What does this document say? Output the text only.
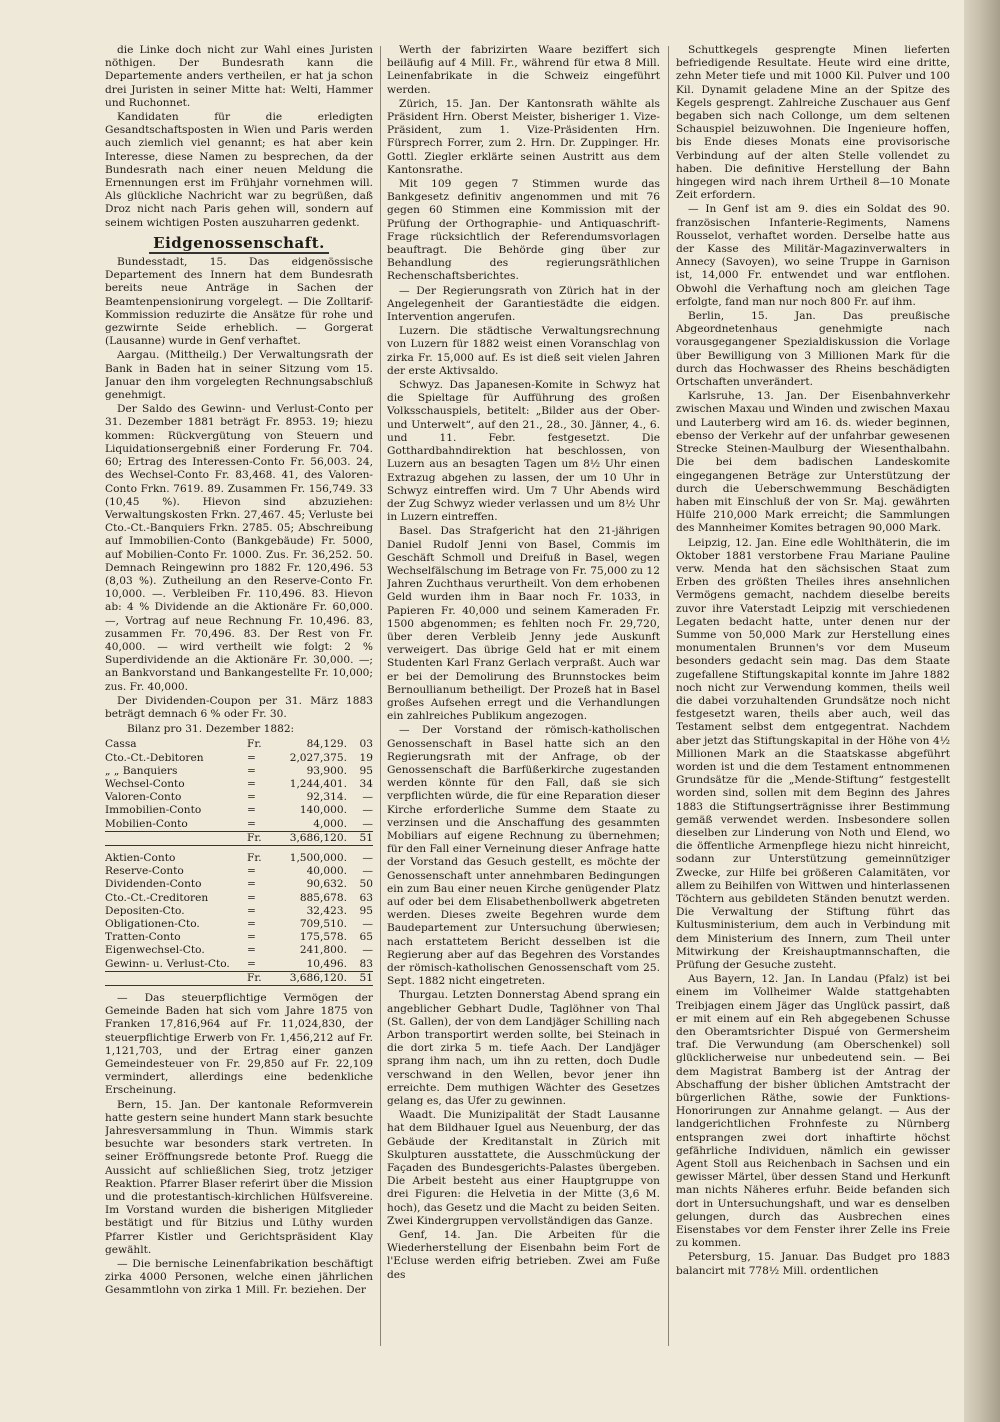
die Linke doch nicht zur Wahl eines Juristen nöthigen. Der Bundesrath kann die Departemente anders vertheilen, er hat ja schon drei Juristen in seiner Mitte hat: Welti, Hammer und Ruchonnet.

Kandidaten für die erledigten Gesandtschaftsposten in Wien und Paris werden auch ziemlich viel genannt; es hat aber kein Interesse, diese Namen zu besprechen, da der Bundesrath nach einer neuen Meldung die Ernennungen erst im Frühjahr vornehmen will. Als glückliche Nachricht war zu begrüßen, daß Droz nicht nach Paris gehen will, sondern auf seinem wichtigen Posten auszuharren gedenkt.

Eidgenossenschaft.

Bundesstadt, 15. Das eidgenössische Departement des Innern hat dem Bundesrath bereits neue Anträge in Sachen der Beamtenpensionirung vorgelegt. — Die Zolltarif-Kommission reduzirte die Ansätze für rohe und gezwirnte Seide erheblich. — Gorgerat (Lausanne) wurde in Genf verhaftet.

Aargau. (Mittheilg.) Der Verwaltungsrath der Bank in Baden hat in seiner Sitzung vom 15. Januar den ihm vorgelegten Rechnungsabschluß genehmigt.

Der Saldo des Gewinn- und Verlust-Conto per 31. Dezember 1881 beträgt Fr. 8953. 19; hiezu kommen: Rückvergütung von Steuern und Liquidationsergebniß einer Forderung Fr. 704. 60; Ertrag des Interessen-Conto Fr. 56,003. 24, des Wechsel-Conto Fr. 83,468. 41, des Valoren-Conto Frkn. 7619. 89. Zusammen Fr. 156,749. 33 (10,45 %). Hievon sind abzuziehen: Verwaltungskosten Frkn. 27,467. 45; Verluste bei Cto.-Ct.-Banquiers Frkn. 2785. 05; Abschreibung auf Immobilien-Conto (Bankgebäude) Fr. 5000, auf Mobilien-Conto Fr. 1000. Zus. Fr. 36,252. 50. Demnach Reingewinn pro 1882 Fr. 120,496. 53 (8,03 %). Zutheilung an den Reserve-Conto Fr. 10,000. —. Verbleiben Fr. 110,496. 83. Hievon ab: 4 % Dividende an die Aktionäre Fr. 60,000. —, Vortrag auf neue Rechnung Fr. 10,496. 83, zusammen Fr. 70,496. 83. Der Rest von Fr. 40,000. — wird vertheilt wie folgt: 2 % Superdividende an die Aktionäre Fr. 30,000. —; an Bankvorstand und Bankangestellte Fr. 10,000; zus. Fr. 40,000.

Der Dividenden-Coupon per 31. März 1883 beträgt demnach 6 % oder Fr. 30.

Bilanz pro 31. Dezember 1882:
Cassa	Fr.	84,129.	03
Cto.-Ct.-Debitoren	=	2,027,375.	19
„ „ Banquiers	=	93,900.	95
Wechsel-Conto	=	1,244,401.	34
Valoren-Conto	=	92,314.	—
Immobilien-Conto	=	140,000.	—
Mobilien-Conto	=	4,000.	—
	Fr.	3,686,120.	51

Aktien-Conto	Fr.	1,500,000.	—
Reserve-Conto	=	40,000.	—
Dividenden-Conto	=	90,632.	50
Cto.-Ct.-Creditoren	=	885,678.	63
Depositen-Cto.	=	32,423.	95
Obligationen-Cto.	=	709,510.	—
Tratten-Conto	=	175,578.	65
Eigenwechsel-Cto.	=	241,800.	—
Gewinn- u. Verlust-Cto.	=	10,496.	83
	Fr.	3,686,120.	51

— Das steuerpflichtige Vermögen der Gemeinde Baden hat sich vom Jahre 1875 von Franken 17,816,964 auf Fr. 11,024,830, der steuerpflichtige Erwerb von Fr. 1,456,212 auf Fr. 1,121,703, und der Ertrag einer ganzen Gemeindesteuer von Fr. 29,850 auf Fr. 22,109 vermindert, allerdings eine bedenkliche Erscheinung.

Bern, 15. Jan. Der kantonale Reformverein hatte gestern seine hundert Mann stark besuchte Jahresversammlung in Thun. Wimmis stark besuchte war besonders stark vertreten. In seiner Eröffnungsrede betonte Prof. Ruegg die Aussicht auf schließlichen Sieg, trotz jetziger Reaktion. Pfarrer Blaser referirt über die Mission und die protestantisch-kirchlichen Hülfsvereine. Im Vorstand wurden die bisherigen Mitglieder bestätigt und für Bitzius und Lüthy wurden Pfarrer Kistler und Gerichtspräsident Klay gewählt.

— Die bernische Leinenfabrikation beschäftigt zirka 4000 Personen, welche einen jährlichen Gesammtlohn von zirka 1 Mill. Fr. beziehen. Der

Werth der fabrizirten Waare beziffert sich beiläufig auf 4 Mill. Fr., während für etwa 8 Mill. Leinenfabrikate in die Schweiz eingeführt werden.

Zürich, 15. Jan. Der Kantonsrath wählte als Präsident Hrn. Oberst Meister, bisheriger 1. Vize-Präsident, zum 1. Vize-Präsidenten Hrn. Fürsprech Forrer, zum 2. Hrn. Dr. Zuppinger. Hr. Gottl. Ziegler erklärte seinen Austritt aus dem Kantonsrathe.

Mit 109 gegen 7 Stimmen wurde das Bankgesetz definitiv angenommen und mit 76 gegen 60 Stimmen eine Kommission mit der Prüfung der Orthographie- und Antiquaschrift-Frage rücksichtlich der Referendumsvorlagen beauftragt. Die Behörde ging über zur Behandlung des regierungsräthlichen Rechenschaftsberichtes.

— Der Regierungsrath von Zürich hat in der Angelegenheit der Garantiestädte die eidgen. Intervention angerufen.

Luzern. Die städtische Verwaltungsrechnung von Luzern für 1882 weist einen Voranschlag von zirka Fr. 15,000 auf. Es ist dieß seit vielen Jahren der erste Aktivsaldo.

Schwyz. Das Japanesen-Komite in Schwyz hat die Spieltage für Aufführung des großen Volksschauspiels, betitelt: „Bilder aus der Ober- und Unterwelt“, auf den 21., 28., 30. Jänner, 4., 6. und 11. Febr. festgesetzt. Die Gotthardbahndirektion hat beschlossen, von Luzern aus an besagten Tagen um 8½ Uhr einen Extrazug abgehen zu lassen, der um 10 Uhr in Schwyz eintreffen wird. Um 7 Uhr Abends wird der Zug Schwyz wieder verlassen und um 8½ Uhr in Luzern eintreffen.

Basel. Das Strafgericht hat den 21-jährigen Daniel Rudolf Jenni von Basel, Commis im Geschäft Schmoll und Dreifuß in Basel, wegen Wechselfälschung im Betrage von Fr. 75,000 zu 12 Jahren Zuchthaus verurtheilt. Von dem erhobenen Geld wurden ihm in Baar noch Fr. 1033, in Papieren Fr. 40,000 und seinem Kameraden Fr. 1500 abgenommen; es fehlten noch Fr. 29,720, über deren Verbleib Jenny jede Auskunft verweigert. Das übrige Geld hat er mit einem Studenten Karl Franz Gerlach verpraßt. Auch war er bei der Demolirung des Brunnstockes beim Bernoullianum betheiligt. Der Prozeß hat in Basel großes Aufsehen erregt und die Verhandlungen ein zahlreiches Publikum angezogen.

— Der Vorstand der römisch-katholischen Genossenschaft in Basel hatte sich an den Regierungsrath mit der Anfrage, ob der Genossenschaft die Barfüßerkirche zugestanden werden könnte für den Fall, daß sie sich verpflichten würde, die für eine Reparation dieser Kirche erforderliche Summe dem Staate zu verzinsen und die Anschaffung des gesammten Mobiliars auf eigene Rechnung zu übernehmen; für den Fall einer Verneinung dieser Anfrage hatte der Vorstand das Gesuch gestellt, es möchte der Genossenschaft unter annehmbaren Bedingungen ein zum Bau einer neuen Kirche genügender Platz auf oder bei dem Elisabethenbollwerk abgetreten werden. Dieses zweite Begehren wurde dem Baudepartement zur Untersuchung überwiesen; nach erstattetem Bericht desselben ist die Regierung aber auf das Begehren des Vorstandes der römisch-katholischen Genossenschaft vom 25. Sept. 1882 nicht eingetreten.

Thurgau. Letzten Donnerstag Abend sprang ein angeblicher Gebhart Dudle, Taglöhner von Thal (St. Gallen), der von dem Landjäger Schilling nach Arbon transportirt werden sollte, bei Steinach in die dort zirka 5 m. tiefe Aach. Der Landjäger sprang ihm nach, um ihn zu retten, doch Dudle verschwand in den Wellen, bevor jener ihn erreichte. Dem muthigen Wächter des Gesetzes gelang es, das Ufer zu gewinnen.

Waadt. Die Munizipalität der Stadt Lausanne hat dem Bildhauer Iguel aus Neuenburg, der das Gebäude der Kreditanstalt in Zürich mit Skulpturen ausstattete, die Ausschmückung der Façaden des Bundesgerichts-Palastes übergeben. Die Arbeit besteht aus einer Hauptgruppe von drei Figuren: die Helvetia in der Mitte (3,6 M. hoch), das Gesetz und die Macht zu beiden Seiten. Zwei Kindergruppen vervollständigen das Ganze.

Genf, 14. Jan. Die Arbeiten für die Wiederherstellung der Eisenbahn beim Fort de l'Ecluse werden eifrig betrieben. Zwei am Fuße des

Schuttkegels gesprengte Minen lieferten befriedigende Resultate. Heute wird eine dritte, zehn Meter tiefe und mit 1000 Kil. Pulver und 100 Kil. Dynamit geladene Mine an der Spitze des Kegels gesprengt. Zahlreiche Zuschauer aus Genf begaben sich nach Collonge, um dem seltenen Schauspiel beizuwohnen. Die Ingenieure hoffen, bis Ende dieses Monats eine provisorische Verbindung auf der alten Stelle vollendet zu haben. Die definitive Herstellung der Bahn hingegen wird nach ihrem Urtheil 8—10 Monate Zeit erfordern.

— In Genf ist am 9. dies ein Soldat des 90. französischen Infanterie-Regiments, Namens Rousselot, verhaftet worden. Derselbe hatte aus der Kasse des Militär-Magazinverwalters in Annecy (Savoyen), wo seine Truppe in Garnison ist, 14,000 Fr. entwendet und war entflohen. Obwohl die Verhaftung noch am gleichen Tage erfolgte, fand man nur noch 800 Fr. auf ihm.

Berlin, 15. Jan. Das preußische Abgeordnetenhaus genehmigte nach vorausgegangener Spezialdiskussion die Vorlage über Bewilligung von 3 Millionen Mark für die durch das Hochwasser des Rheins beschädigten Ortschaften unverändert.

Karlsruhe, 13. Jan. Der Eisenbahnverkehr zwischen Maxau und Winden und zwischen Maxau und Lauterberg wird am 16. ds. wieder beginnen, ebenso der Verkehr auf der unfahrbar gewesenen Strecke Steinen-Maulburg der Wiesenthalbahn. Die bei dem badischen Landeskomite eingegangenen Beträge zur Unterstützung der durch die Ueberschwemmung Beschädigten haben mit Einschluß der von Sr. Maj. gewährten Hülfe 210,000 Mark erreicht; die Sammlungen des Mannheimer Komites betragen 90,000 Mark.

Leipzig, 12. Jan. Eine edle Wohlthäterin, die im Oktober 1881 verstorbene Frau Mariane Pauline verw. Menda hat den sächsischen Staat zum Erben des größten Theiles ihres ansehnlichen Vermögens gemacht, nachdem dieselbe bereits zuvor ihre Vaterstadt Leipzig mit verschiedenen Legaten bedacht hatte, unter denen nur der Summe von 50,000 Mark zur Herstellung eines monumentalen Brunnen's vor dem Museum besonders gedacht sein mag. Das dem Staate zugefallene Stiftungskapital konnte im Jahre 1882 noch nicht zur Verwendung kommen, theils weil die dabei vorzuhaltenden Grundsätze noch nicht festgesetzt waren, theils aber auch, weil das Testament selbst dem entgegentrat. Nachdem aber jetzt das Stiftungskapital in der Höhe von 4½ Millionen Mark an die Staatskasse abgeführt worden ist und die dem Testament entnommenen Grundsätze für die „Mende-Stiftung“ festgestellt worden sind, sollen mit dem Beginn des Jahres 1883 die Stiftungserträgnisse ihrer Bestimmung gemäß verwendet werden. Insbesondere sollen dieselben zur Linderung von Noth und Elend, wo die öffentliche Armenpflege hiezu nicht hinreicht, sodann zur Unterstützung gemeinnütziger Zwecke, zur Hilfe bei größeren Calamitäten, vor allem zu Beihilfen von Wittwen und hinterlassenen Töchtern aus gebildeten Ständen benutzt werden. Die Verwaltung der Stiftung führt das Kultusministerium, dem auch in Verbindung mit dem Ministerium des Innern, zum Theil unter Mitwirkung der Kreishauptmannschaften, die Prüfung der Gesuche zusteht.

Aus Bayern, 12. Jan. In Landau (Pfalz) ist bei einem im Vollheimer Walde stattgehabten Treibjagen einem Jäger das Unglück passirt, daß er mit einem auf ein Reh abgegebenen Schusse den Oberamtsrichter Dispué von Germersheim traf. Die Verwundung (am Oberschenkel) soll glücklicherweise nur unbedeutend sein. — Bei dem Magistrat Bamberg ist der Antrag der Abschaffung der bisher üblichen Amtstracht der bürgerlichen Räthe, sowie der Funktions-Honorirungen zur Annahme gelangt. — Aus der landgerichtlichen Frohnfeste zu Nürnberg entsprangen zwei dort inhaftirte höchst gefährliche Individuen, nämlich ein gewisser Agent Stoll aus Reichenbach in Sachsen und ein gewisser Märtel, über dessen Stand und Herkunft man nichts Näheres erfuhr. Beide befanden sich dort in Untersuchungshaft, und war es denselben gelungen, durch das Ausbrechen eines Eisenstabes vor dem Fenster ihrer Zelle ins Freie zu kommen.

Petersburg, 15. Januar. Das Budget pro 1883 balancirt mit 778½ Mill. ordentlichen
